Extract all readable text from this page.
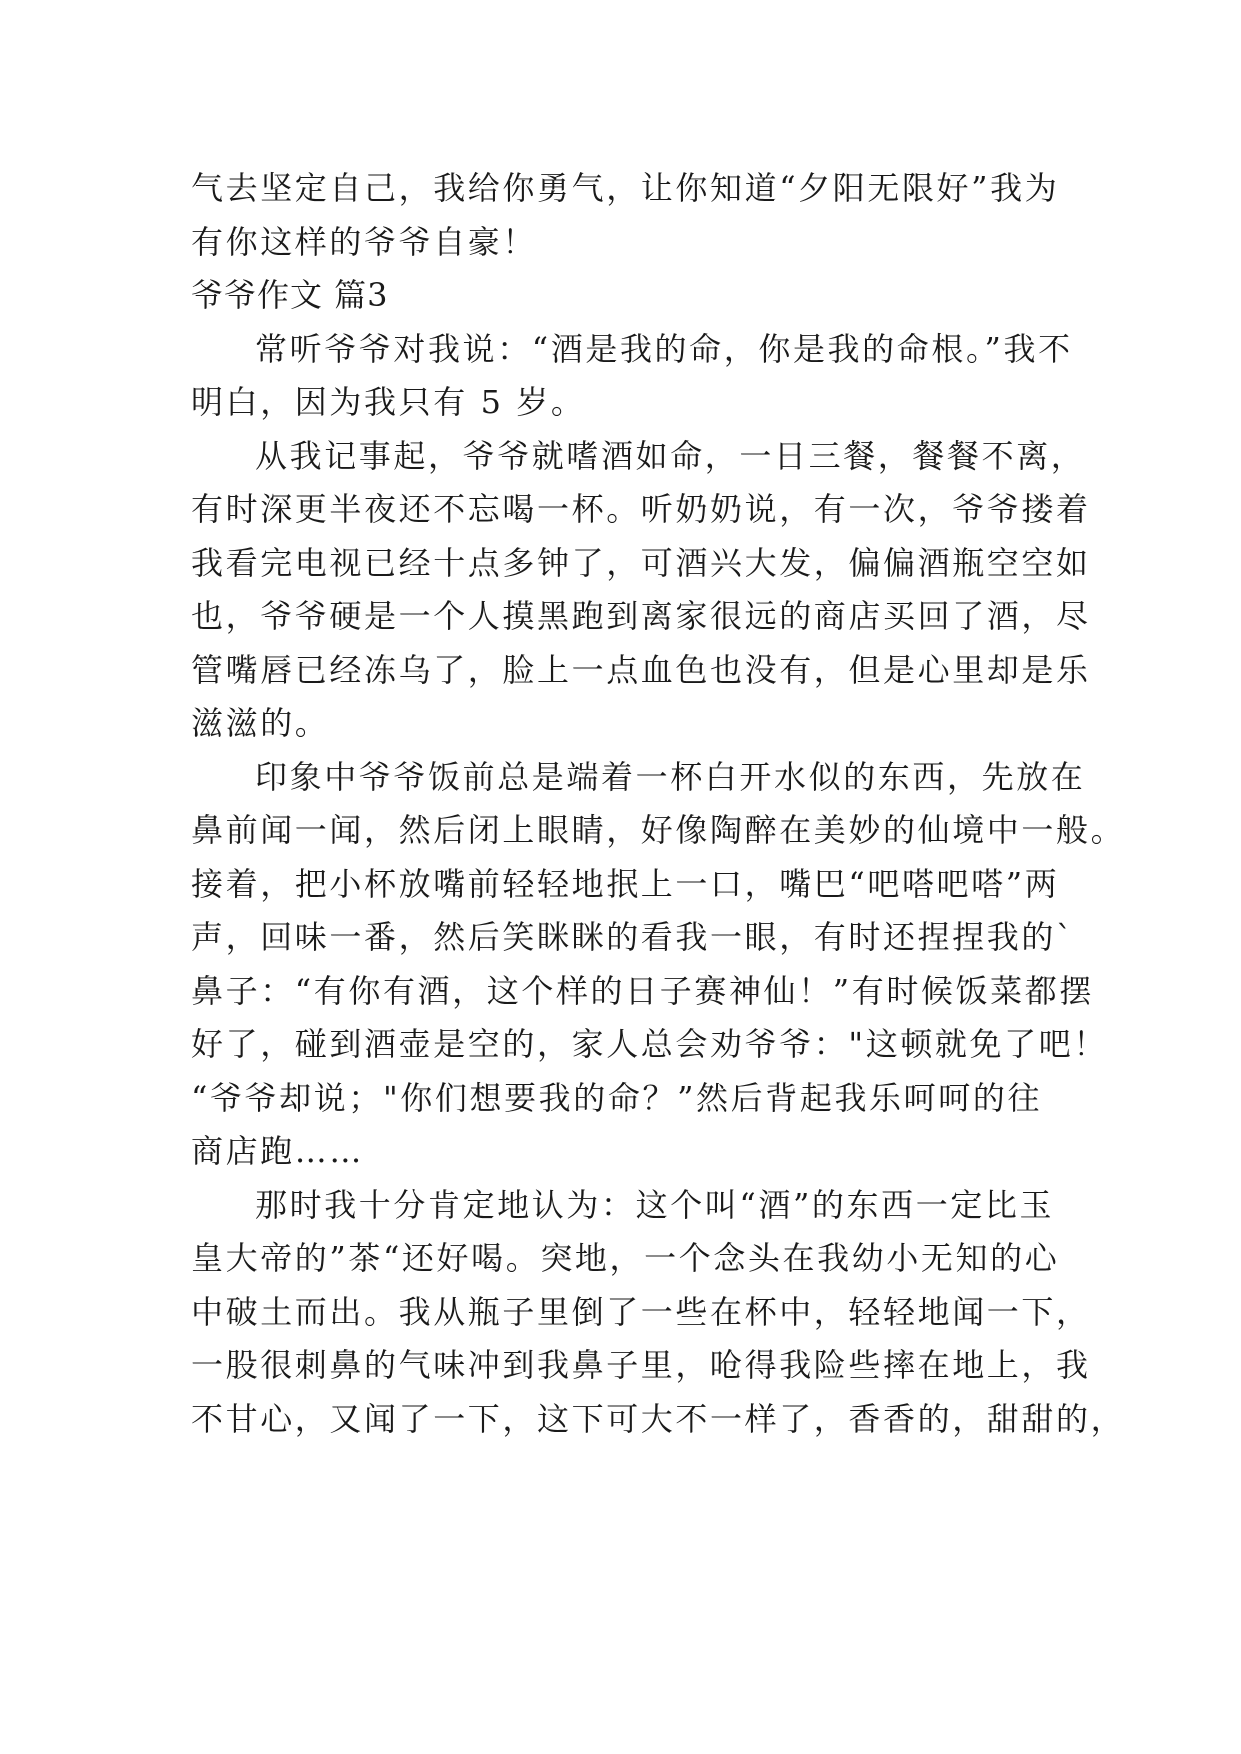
气去坚定自己，我给你勇气，让你知道“夕阳无限好”我为
有你这样的爷爷自豪！
爷爷作文 篇3
常听爷爷对我说：“酒是我的命，你是我的命根。”我不
明白，因为我只有 5 岁。
从我记事起，爷爷就嗜酒如命，一日三餐，餐餐不离，
有时深更半夜还不忘喝一杯。听奶奶说，有一次，爷爷搂着
我看完电视已经十点多钟了，可酒兴大发，偏偏酒瓶空空如
也，爷爷硬是一个人摸黑跑到离家很远的商店买回了酒，尽
管嘴唇已经冻乌了，脸上一点血色也没有，但是心里却是乐
滋滋的。
印象中爷爷饭前总是端着一杯白开水似的东西，先放在
鼻前闻一闻，然后闭上眼睛，好像陶醉在美妙的仙境中一般。
接着，把小杯放嘴前轻轻地抿上一口，嘴巴“吧嗒吧嗒”两
声，回味一番，然后笑眯眯的看我一眼，有时还捏捏我的`
鼻子：“有你有酒，这个样的日子赛神仙！”有时候饭菜都摆
好了，碰到酒壶是空的，家人总会劝爷爷："这顿就免了吧！
“爷爷却说；"你们想要我的命？”然后背起我乐呵呵的往
商店跑……
那时我十分肯定地认为：这个叫“酒”的东西一定比玉
皇大帝的”茶“还好喝。突地，一个念头在我幼小无知的心
中破土而出。我从瓶子里倒了一些在杯中，轻轻地闻一下，
一股很刺鼻的气味冲到我鼻子里，呛得我险些摔在地上，我
不甘心，又闻了一下，这下可大不一样了，香香的，甜甜的，
